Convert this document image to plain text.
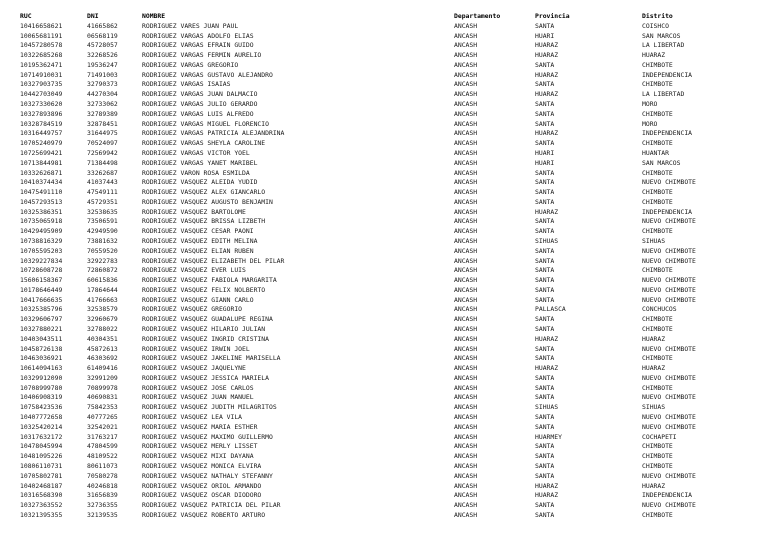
RUC	DNI	NOMBRE	Departamento	Provincia	Distrito
10416658621	41665862	RODRIGUEZ VARES JUAN PAUL	ANCASH	SANTA	COISHCO
10065681191	06568119	RODRIGUEZ VARGAS ADOLFO ELIAS	ANCASH	HUARI	SAN MARCOS
10457280578	45728057	RODRIGUEZ VARGAS EFRAIN GUIDO	ANCASH	HUARAZ	LA LIBERTAD
10322685268	32268526	RODRIGUEZ VARGAS FERMIN AURELIO	ANCASH	HUARAZ	HUARAZ
10195362471	19536247	RODRIGUEZ VARGAS GREGORIO	ANCASH	SANTA	CHIMBOTE
10714910031	71491003	RODRIGUEZ VARGAS GUSTAVO ALEJANDRO	ANCASH	HUARAZ	INDEPENDENCIA
10327903735	32790373	RODRIGUEZ VARGAS ISAIAS	ANCASH	SANTA	CHIMBOTE
10442703049	44270304	RODRIGUEZ VARGAS JUAN DALMACIO	ANCASH	HUARAZ	LA LIBERTAD
10327330620	32733062	RODRIGUEZ VARGAS JULIO GERARDO	ANCASH	SANTA	MORO
10327893896	32789389	RODRIGUEZ VARGAS LUIS ALFREDO	ANCASH	SANTA	CHIMBOTE
10328784519	32878451	RODRIGUEZ VARGAS MIGUEL FLORENCIO	ANCASH	SANTA	MORO
10316449757	31644975	RODRIGUEZ VARGAS PATRICIA ALEJANDRINA	ANCASH	HUARAZ	INDEPENDENCIA
10705240979	70524097	RODRIGUEZ VARGAS SHEYLA CAROLINE	ANCASH	SANTA	CHIMBOTE
10725699421	72569942	RODRIGUEZ VARGAS VICTOR YOEL	ANCASH	HUARI	HUANTAR
10713844981	71384498	RODRIGUEZ VARGAS YANET MARIBEL	ANCASH	HUARI	SAN MARCOS
10332626871	33262687	RODRIGUEZ VARON ROSA ESMILDA	ANCASH	SANTA	CHIMBOTE
10410374434	41037443	RODRIGUEZ VASQUEZ ALEIDA YUDID	ANCASH	SANTA	NUEVO CHIMBOTE
10475491110	47549111	RODRIGUEZ VASQUEZ ALEX GIANCARLO	ANCASH	SANTA	CHIMBOTE
10457293513	45729351	RODRIGUEZ VASQUEZ AUGUSTO BENJAMIN	ANCASH	SANTA	CHIMBOTE
10325386351	32538635	RODRIGUEZ VASQUEZ BARTOLOME	ANCASH	HUARAZ	INDEPENDENCIA
10735065918	73506591	RODRIGUEZ VASQUEZ BRISSA LIZBETH	ANCASH	SANTA	NUEVO CHIMBOTE
10429495909	42949590	RODRIGUEZ VASQUEZ CESAR PAONI	ANCASH	SANTA	CHIMBOTE
10738816329	73881632	RODRIGUEZ VASQUEZ EDITH MELINA	ANCASH	SIHUAS	SIHUAS
10705595203	70559520	RODRIGUEZ VASQUEZ ELIAN RUBEN	ANCASH	SANTA	NUEVO CHIMBOTE
10329227834	32922783	RODRIGUEZ VASQUEZ ELIZABETH DEL PILAR	ANCASH	SANTA	NUEVO CHIMBOTE
10728608728	72860872	RODRIGUEZ VASQUEZ EVER LUIS	ANCASH	SANTA	CHIMBOTE
15606158367	60615836	RODRIGUEZ VASQUEZ FABIOLA MARGARITA	ANCASH	SANTA	NUEVO CHIMBOTE
10178646449	17864644	RODRIGUEZ VASQUEZ FELIX NOLBERTO	ANCASH	SANTA	NUEVO CHIMBOTE
10417666635	41766663	RODRIGUEZ VASQUEZ GIANN CARLO	ANCASH	SANTA	NUEVO CHIMBOTE
10325385796	32538579	RODRIGUEZ VASQUEZ GREGORIO	ANCASH	PALLASCA	CONCHUCOS
10329606797	32960679	RODRIGUEZ VASQUEZ GUADALUPE REGINA	ANCASH	SANTA	CHIMBOTE
10327880221	32788022	RODRIGUEZ VASQUEZ HILARIO JULIAN	ANCASH	SANTA	CHIMBOTE
10403043511	40304351	RODRIGUEZ VASQUEZ INGRID CRISTINA	ANCASH	HUARAZ	HUARAZ
10458726138	45872613	RODRIGUEZ VASQUEZ IRWIN JOEL	ANCASH	SANTA	NUEVO CHIMBOTE
10463036921	46303692	RODRIGUEZ VASQUEZ JAKELINE MARISELLA	ANCASH	SANTA	CHIMBOTE
10614094163	61409416	RODRIGUEZ VASQUEZ JAQUELYNE	ANCASH	HUARAZ	HUARAZ
10329912090	32991209	RODRIGUEZ VASQUEZ JESSICA MARIELA	ANCASH	SANTA	NUEVO CHIMBOTE
10708999780	70899978	RODRIGUEZ VASQUEZ JOSE CARLOS	ANCASH	SANTA	CHIMBOTE
10406908319	40690831	RODRIGUEZ VASQUEZ JUAN MANUEL	ANCASH	SANTA	NUEVO CHIMBOTE
10758423536	75842353	RODRIGUEZ VASQUEZ JUDITH MILAGRITOS	ANCASH	SIHUAS	SIHUAS
10407772658	40777265	RODRIGUEZ VASQUEZ LEA VILA	ANCASH	SANTA	NUEVO CHIMBOTE
10325420214	32542021	RODRIGUEZ VASQUEZ MARIA ESTHER	ANCASH	SANTA	NUEVO CHIMBOTE
10317632172	31763217	RODRIGUEZ VASQUEZ MAXIMO GUILLERMO	ANCASH	HUARMEY	COCHAPETI
10478045994	47804599	RODRIGUEZ VASQUEZ MERLY LISSET	ANCASH	SANTA	CHIMBOTE
10481095226	48109522	RODRIGUEZ VASQUEZ MIXI DAYANA	ANCASH	SANTA	CHIMBOTE
10806110731	80611073	RODRIGUEZ VASQUEZ MONICA ELVIRA	ANCASH	SANTA	CHIMBOTE
10705802781	70580278	RODRIGUEZ VASQUEZ NATHALY STEFANNY	ANCASH	SANTA	NUEVO CHIMBOTE
10402468187	40246818	RODRIGUEZ VASQUEZ ORIOL ARMANDO	ANCASH	HUARAZ	HUARAZ
10316568390	31656839	RODRIGUEZ VASQUEZ OSCAR DIODORO	ANCASH	HUARAZ	INDEPENDENCIA
10327363552	32736355	RODRIGUEZ VASQUEZ PATRICIA DEL PILAR	ANCASH	SANTA	NUEVO CHIMBOTE
10321395355	32139535	RODRIGUEZ VASQUEZ ROBERTO ARTURO	ANCASH	SANTA	CHIMBOTE
